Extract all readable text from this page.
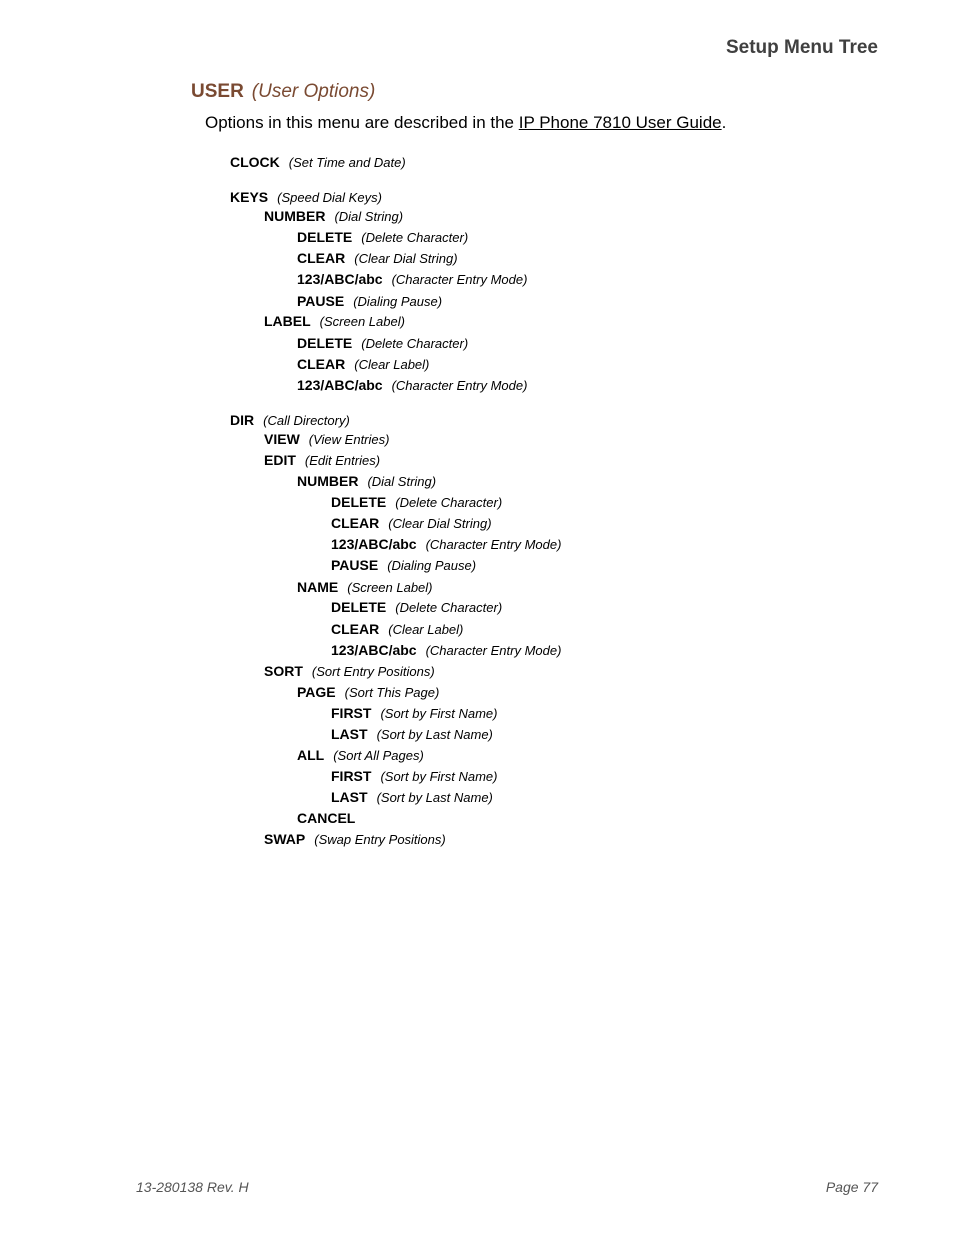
Setup Menu Tree
USER (User Options)
Options in this menu are described in the IP Phone 7810 User Guide.
CLOCK (Set Time and Date)
KEYS (Speed Dial Keys)
NUMBER (Dial String)
DELETE (Delete Character)
CLEAR (Clear Dial String)
123/ABC/abc (Character Entry Mode)
PAUSE (Dialing Pause)
LABEL (Screen Label)
DELETE (Delete Character)
CLEAR (Clear Label)
123/ABC/abc (Character Entry Mode)
DIR (Call Directory)
VIEW (View Entries)
EDIT (Edit Entries)
NUMBER (Dial String)
DELETE (Delete Character)
CLEAR (Clear Dial String)
123/ABC/abc (Character Entry Mode)
PAUSE (Dialing Pause)
NAME (Screen Label)
DELETE (Delete Character)
CLEAR (Clear Label)
123/ABC/abc (Character Entry Mode)
SORT (Sort Entry Positions)
PAGE (Sort This Page)
FIRST (Sort by First Name)
LAST (Sort by Last Name)
ALL (Sort All Pages)
FIRST (Sort by First Name)
LAST (Sort by Last Name)
CANCEL
SWAP (Swap Entry Positions)
13-280138 Rev. H	Page 77
